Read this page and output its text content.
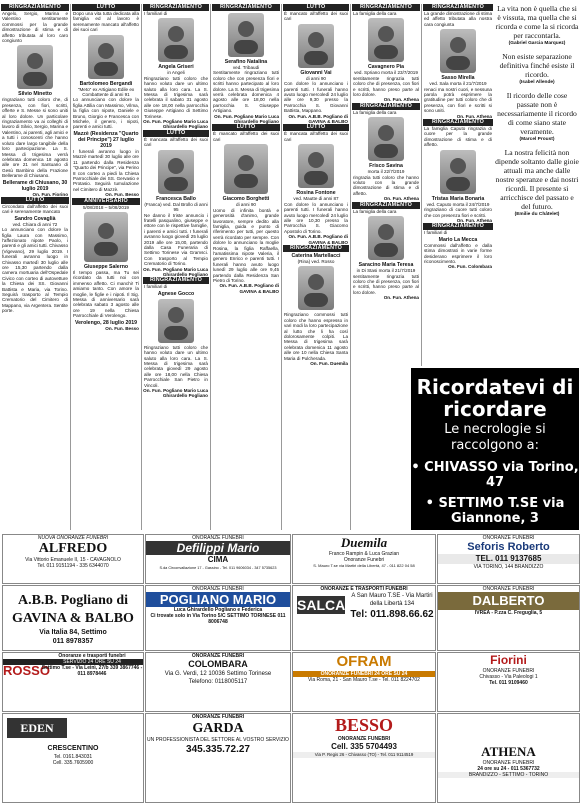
RINGRAZIAMENTO
Angelo, Sergio, Marina e Valentino sentitamente commossi per la grande dimostrazione di stima e di affetto tributata al loro caro congiunto
Silvio Minetto
ringraziano tutti coloro che, di presenza, con fiori, scritti, offerte e S. Messe si sono uniti al loro dolore. Un particolare ringraziamento va ai colleghi di lavoro di Silvio, Sergio, Marina e Valentino, ai parenti, agli amici e a tutti i conoscenti che hanno voluto dare largo tangibile della loro partecipazione. La S. Messa di trigesima verrà celebrata domenica 18 agosto alle ore 21 nel Santuario di Gesù Bambino della Frazione Bellerame di Chiusano.
Bellerame di Chiusano, 30 luglio 2019
On. Fun. Fiorino
LUTTO
Circondato dall'affetto dei suoi cari è serenamente mancato
Sandro Covaglià
ved. Chiara di anni 72
Lo annunciano con dolore la figlia Laura con Massimo, l'affezionato nipote Paolo, i parenti e gli amici tutti. Chivasso (Vigevano), 29 luglio 2019. I funerali avranno luogo in Chivasso martedì 30 luglio alle ore 15,30 partendo dalla camera mortuaria dell'Ospedale Civico con corteo di autovetture la Chiesa dei SS. Giovanni Battista e Maria, via Torino. Seguirà trasporto al Tempio Crematorio del Cimitero di Mappano, via Argentera. Sentite porte.
LUTTO
Dopo una vita tutta dedicata alla famiglia ed al lavoro è serenamente mancato all'affetto dei suoi cari
Bartolomeo Bergandi
"Meto" ex Artigiano Edile ex Combattente di anni 91
Lo annunciano con dolore la figlia Attilia con Massimo, Vilma, la figlia con nipote, Daniele e Bruno, Giorgio e Francesca con Michele, il genero, i nipoti, parenti e amici tutti.
Mazzè (Residenza "Quarto dei Principe") 27 luglio 2019
I funerali avranno luogo in Mazzè martedì 30 luglio alle ore 11 partendo dalla Residenza "Quarto dei Principe", via Perino 8 con corteo a piedi la Chiesa Parrocchiale dei SS. Gervasio e Protasio. Seguirà tumulazione nel Cimitero di Mazzè.
On. Fun. Besso
ANNIVERSARIO
5/08/2018 – 5/08/2019
Giuseppe Salerno
Il tempo passa, ma Tu sei ricordato da tutti noi con immenso affetto. Ci manchi! Ti amiamo tanto. Con amore la moglie, le figlie e i nipoti. Il Sig. Messa di anniversario sarà celebrata sabato 3 agosto alle ore 19 nella Chiesa Parrocchiale di Verolengo.
Verolengo, 28 luglio 2019
On. Fun. Besso
RINGRAZIAMENTO
I familiari di
Angela Griseri
in Angeli
Ringraziano tutti coloro che hanno voluto dare un ultimo saluto alla loro cara. La S. Messa di trigesima sarà celebrata il sabato 31 agosto alle ore 18,00 nella parrocchia Giuseppe Artigiano di Settimo Torinese.
On. Fun. Pogliano Mario Luca Ghirardello Pogliano
LUTTO
È mancata all'affetto dei suoi cari
Francesca Ballo
(Franca) ved. Dal Brollo di anni 95
Ne danno il triste annuncio i fratelli pasqualino, giuseppe e ettore con le rispettive famiglie, i parenti e amici tutti. I funerali avranno luogo giovedì 25 luglio 2019 alle ore 15,00, partendo dalla Casa Funeraria di Settimo Torinese via Gramsci. Con trasporto al Tempio Crematorio di Torino.
On. Fun. Pogliano Mario Luca Ghirardello Pogliano
RINGRAZIAMENTO
I familiari di
Agnese Gocco
Ringraziano tutti coloro che hanno voluto dare un ultimo saluto alla loro cara. La S. Messa di trigesima sarà celebrata giovedì 29 agosto alle ore 18,00 nella Chiesa Parrocchiale San Pietro in Vincoli.
On. Fun. Pogliano Mario Luca Ghirardello Pogliano
RINGRAZIAMENTO
Serafino Natalina
ved. Tribaudi
Sentitamente ringraziano tutti coloro che con presenza fiori e scritti hanno partecipato al loro dolore. La S. Messa di trigesima verrà celebrata domenica 4 agosto alle ore 18,00 nella parrocchia S. Giuseppe Artigiano.
On. Fun. Pogliano Mario Luca Ghirardello Pogliano
LUTTO
È mancato all'affetto dei suoi cari
Giacomo Borghetti
di anni 90
Uomo di infinita bontà e generosità d'animo, grande lavoratore, sempre dedito alla famiglia, guida e punto di riferimento per tutti, per questo verrà ricordato per sempre. Con dolore lo annunciano la moglie Rosina, la figlia Raffaella, l'amatissima nipote Valeria, il genero Enrico e parenti tutti. I funerali hanno avuto luogo lunedì 29 luglio alle ore 9,45 partendo dalla Residenza San Pietro di Torino.
On. Fun. A.B.B. Pogliano di GAVINA & BALBO
LUTTO
È mancato all'affetto dei suoi cari
Giovanni Vai
di anni 90
Con dolore lo annunciano i parenti tutti. I funerali hanno avuto luogo mercoledì 24 luglio alle ore 9,30 presso la Parrocchia S. Giovanni Battista, Mappano.
On. Fun. A.B.B. Pogliano di GAVINA & BALBO
LUTTO
È mancata all'affetto dei suoi cari
Rosina Fontone
ved. Mautte di anni 87
Con dolore lo annunciano i parenti tutti. I funerali hanno avuto luogo mercoledì 24 luglio alle ore 10,30 presso la Parrocchia S. Giacomo Apostolo di Torino.
On. Fun. A.B.B. Pogliano di GAVINA & BALBO
RINGRAZIAMENTO
Caterina Martellacci
(Rina) ved. Rosso
Ringraziano commossi tutti coloro che hanno espresso in vari modi la loro partecipazione al lutto che li ha così dolorosamente colpiti. La Messa di trigesima sarà celebrata domenica 11 agosto alle ore 10 nella Chiesa Santa Maria di Pulcherada.
On. Fun. Duemila
RINGRAZIAMENTO
La famiglia della cara
Cavagnero Pia
ved. Spriano morta il 23/7/2019
sentitamente ringrazia tutti coloro che di presenza, con fiori e scritti, hanno preso parte al loro dolore.
On. Fun. Athena
RINGRAZIAMENTO
La famiglia della cara
Frisco Savina
morta il 22/7/2019
ringrazia tutti coloro che hanno voluto con la grande dimostrazione di stima e di affetto.
On. Fun. Athena
RINGRAZIAMENTO
La famiglia della cara
Saracino Maria Teresa
in Di Stasi morta il 21/7/2019
sentitamente ringrazia tutti coloro che di presenza, con fiori e scritti, hanno preso parte al loro dolore.
On. Fun. Athena
RINGRAZIAMENTO
La grande dimostrazione di stima ed affetto tributata alla nostra cara congiunta
Sasso Mirella
ved. Sala morta il 21/7/2019
renaci ma nostri cuori, e nessuna parola potrà esprimere la gratitudine per tutti coloro che di presenza, con fiori e scritti si sono uniti.
On. Fun. Athena
RINGRAZIAMENTO
La famiglia Caputo ringrazia di cuore per la grande dimostrazione di stima e di affetto.
Tristas Maria Bonaria
ved. Caputo morta il 24/7/2019
ringraziano di cuore tutti coloro che con presenza fiori e scritti.
On. Fun. Athena
RINGRAZIAMENTO
I familiari di
Mario La Mecca
Commossi dall'affetto e dalla stima dimostrati in varie forme desiderano esprimere il loro riconoscimento.
On. Fun. Colombara

La vita non è quella che si è vissuta, ma quella che si ricorda e come la si ricorda per raccontarla.

(Gabriel Garcia Marquez)

Non esiste separazione definitiva finché esiste il ricordo.

(Isabel Allende)

Il ricordo delle cose passate non è necessariamente il ricordo di come siano state veramente.

(Marcel Proust)

La nostra felicità non dipende soltanto dalle gioie attuali ma anche dalle nostre speranze e dai nostri ricordi. Il presente si arricchisce del passato e del futuro.

(Emilie du Châtelet)

Ricordatevi di ricordare
Le necrologie si raccolgono a:
• CHIVASSO via Torino, 47
• SETTIMO T.SE via Giannone, 3
NUOVA ONORANZE FUNEBRI
ALFREDO
Via Vittorio Emanuele II, 15 - CAVAGNOLO
Tel. 011 9151194 - 335 6344070
ONORANZE FUNEBRI
Defilippi Mario
CIMA
S.da Circonvallazione 17 - Gassino - Tel. 011 9606034 - 347 5735623
Duemila
Franco Rampin & Luca Grazian
Onoranze Funebri
S. Mauro T.se via Martiri della Libertà, 47 - 011 822 04 58
ONORANZE FUNEBRI
Seforis Roberto
TEL. 011 9137685
VIA TORINO, 144 BRANDIZZO
A.B.B. Pogliano di GAVINA & BALBO
Via Italia 84, Settimo
011 8978357
ONORANZE FUNEBRI
POGLIANO MARIO
Luca Ghirardello Pogliano e Federica
Ci trovate solo in Via Torino 5/C SETTIMO TORINESE 011 8006748
ONORANZE E TRASPORTI FUNEBRI
SALCA
A San Mauro T.SE - Via Martiri della Libertà 134
Tel: 011.898.66.62
ONORANZE FUNEBRI
DALBERTO
IVREA - P.zza C. Freguglia, 5
ROSSO
Onoranze e trasporti funebri
SERVIZIO 24 ORE SU 24
Settimo T.se - Via Leinì, 27/b 339 3867746 - 011 8978446
ONORANZE FUNEBRI
COLOMBARA
Via G. Verdi, 12 10036 Settimo Torinese
Telefono: 0118005117
OFRAM
ONORANZE FUNEBRI 24 ORE SU 24
Via Roma, 21 - San Mauro T.se - Tel. 011 8224702
Fiorini
ONORANZE FUNEBRI
Chivasso - Via Paleologi 1
Tel. 011 9109460
EDEN
CRESCENTINO
Tel. 0161.843031
Cell. 335.7605900
ONORANZE FUNEBRI
GARDA
UN PROFESSIONISTA DEL SETTORE AL VOSTRO SERVIZIO
345.335.72.27
BESSO
ONORANZE FUNEBRI
Cell. 335 5704493
Via P. Regis 26 - Chivasso (TO) - Tel. 011 9114519	ATHENA
ONORANZE FUNEBRI
24 ore su 24 - 011 5367732
BRANDIZZO - SETTIMO - TORINO
